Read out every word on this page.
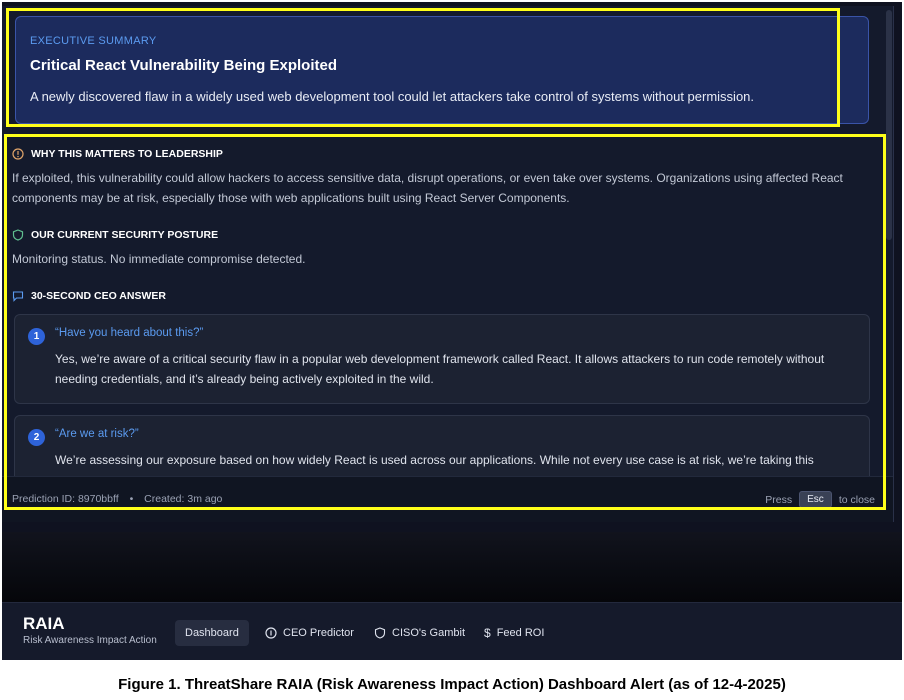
RAIA
Risk Awareness Impact Action
Dashboard	CEO Predictor	CISO's Gambit $ Feed ROI
EXECUTIVE SUMMARY
Critical React Vulnerability Being Exploited
A newly discovered flaw in a widely used web development tool could let attackers take control of systems without permission.
WHY THIS MATTERS TO LEADERSHIP
If exploited, this vulnerability could allow hackers to access sensitive data, disrupt operations, or even take over systems. Organizations using affected React components may be at risk, especially those with web applications built using React Server Components.
OUR CURRENT SECURITY POSTURE
Monitoring status. No immediate compromise detected.
30-SECOND CEO ANSWER
1	“Have you heard about this?”
Yes, we’re aware of a critical security flaw in a popular web development framework called React. It allows attackers to run code remotely without needing credentials, and it’s already being actively exploited in the wild.
2	“Are we at risk?”
We’re assessing our exposure based on how widely React is used across our applications. While not every use case is at risk, we’re taking this
Prediction ID: 8970bbff • Created: 3m ago	Press	Esc	to close
Figure 1. ThreatShare RAIA (Risk Awareness Impact Action) Dashboard Alert (as of 12-4-2025)
